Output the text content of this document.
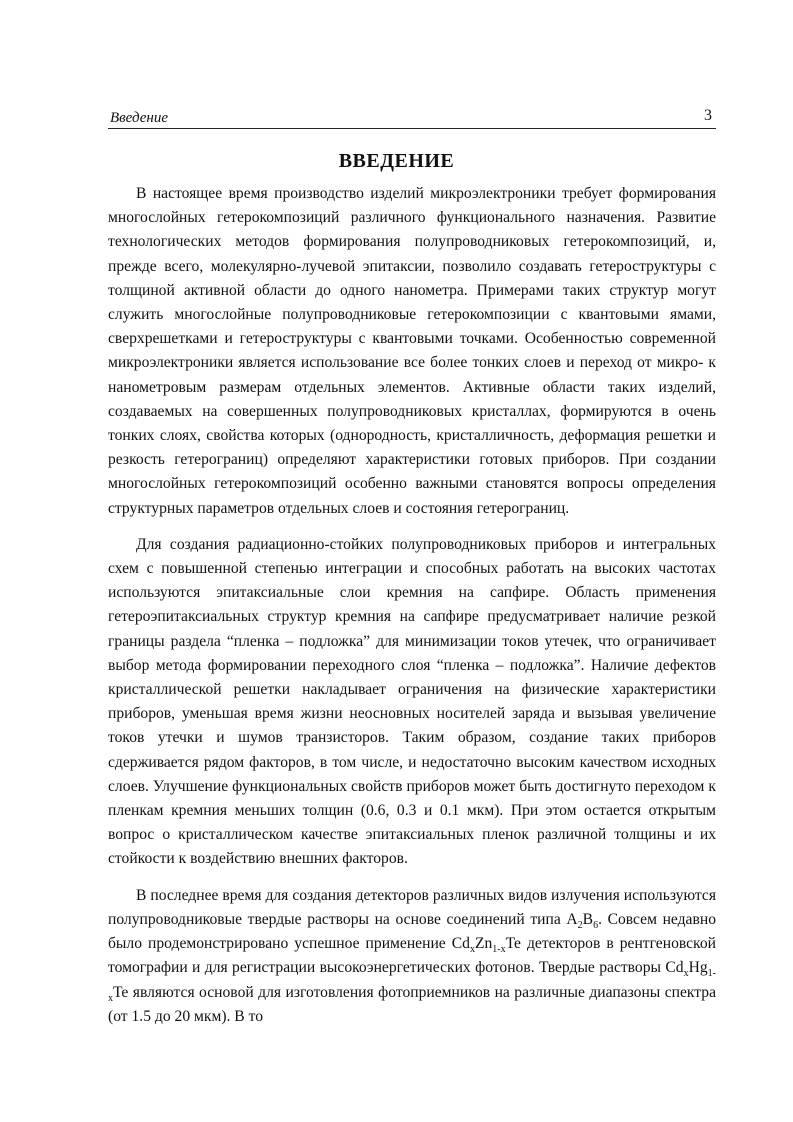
Введение	3
ВВЕДЕНИЕ

В настоящее время производство изделий микроэлектроники требует формирования многослойных гетерокомпозиций различного функционального назначения. Развитие технологических методов формирования полупроводниковых гетерокомпозиций, и, прежде всего, молекулярно-лучевой эпитаксии, позволило создавать гетероструктуры с толщиной активной области до одного нанометра. Примерами таких структур могут служить многослойные полупроводниковые гетерокомпозиции с квантовыми ямами, сверхрешетками и гетероструктуры с квантовыми точками. Особенностью современной микроэлектроники является использование все более тонких слоев и переход от микро- к нанометровым размерам отдельных элементов. Активные области таких изделий, создаваемых на совершенных полупроводниковых кристаллах, формируются в очень тонких слоях, свойства которых (однородность, кристалличность, деформация решетки и резкость гетерограниц) определяют характеристики готовых приборов. При создании многослойных гетерокомпозиций особенно важными становятся вопросы определения структурных параметров отдельных слоев и состояния гетерограниц.

Для создания радиационно-стойких полупроводниковых приборов и интегральных схем с повышенной степенью интеграции и способных работать на высоких частотах используются эпитаксиальные слои кремния на сапфире. Область применения гетероэпитаксиальных структур кремния на сапфире предусматривает наличие резкой границы раздела “пленка – подложка” для минимизации токов утечек, что ограничивает выбор метода формировании переходного слоя “пленка – подложка”. Наличие дефектов кристаллической решетки накладывает ограничения на физические характеристики приборов, уменьшая время жизни неосновных носителей заряда и вызывая увеличение токов утечки и шумов транзисторов. Таким образом, создание таких приборов сдерживается рядом факторов, в том числе, и недостаточно высоким качеством исходных слоев. Улучшение функциональных свойств приборов может быть достигнуто переходом к пленкам кремния меньших толщин (0.6, 0.3 и 0.1 мкм). При этом остается открытым вопрос о кристаллическом качестве эпитаксиальных пленок различной толщины и их стойкости к воздействию внешних факторов.

В последнее время для создания детекторов различных видов излучения используются полупроводниковые твердые растворы на основе соединений типа $A_2B_6$. Совсем недавно было продемонстрировано успешное применение $Cd_xZn_{1-x}Te$ детекторов в рентгеновской томографии и для регистрации высокоэнергетических фотонов. Твердые растворы $Cd_xHg_{1-x}Te$ являются основой для изготовления фотоприемников на различные диапазоны спектра (от 1.5 до 20 мкм). В то
